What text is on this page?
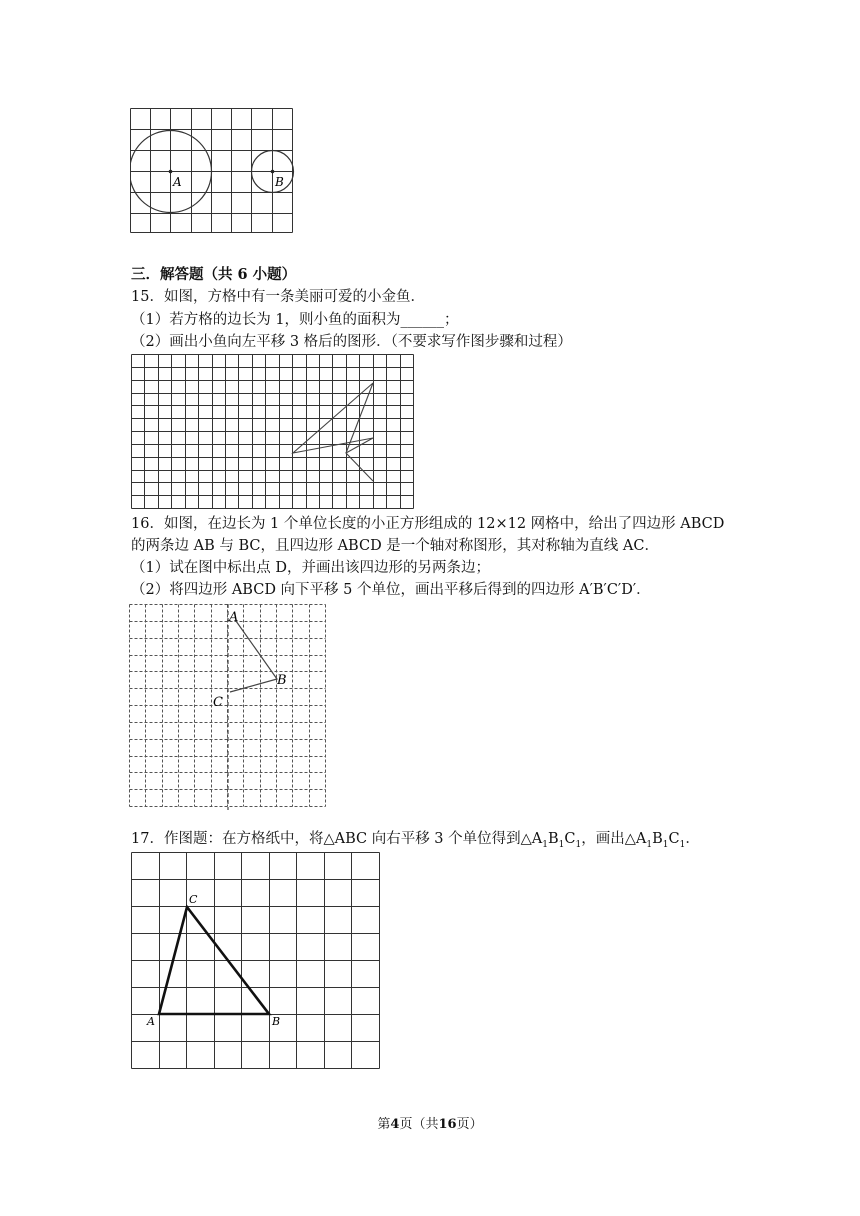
A	B
三．解答题（共 6 小题）
15．如图，方格中有一条美丽可爱的小金鱼．
（1）若方格的边长为 1，则小鱼的面积为______；
（2）画出小鱼向左平移 3 格后的图形．（不要求写作图步骤和过程）
16．如图，在边长为 1 个单位长度的小正方形组成的 12×12 网格中，给出了四边形 ABCD
的两条边 AB 与 BC，且四边形 ABCD 是一个轴对称图形，其对称轴为直线 AC．
（1）试在图中标出点 D，并画出该四边形的另两条边；
（2）将四边形 ABCD 向下平移 5 个单位，画出平移后得到的四边形 A′B′C′D′．
A
B
C
17．作图题：在方格纸中，将△ABC 向右平移 3 个单位得到$\triangle A_1B_1C_1$，画出$\triangle A_1B_1C_1$．
A	B
C
第4页（共16页）
